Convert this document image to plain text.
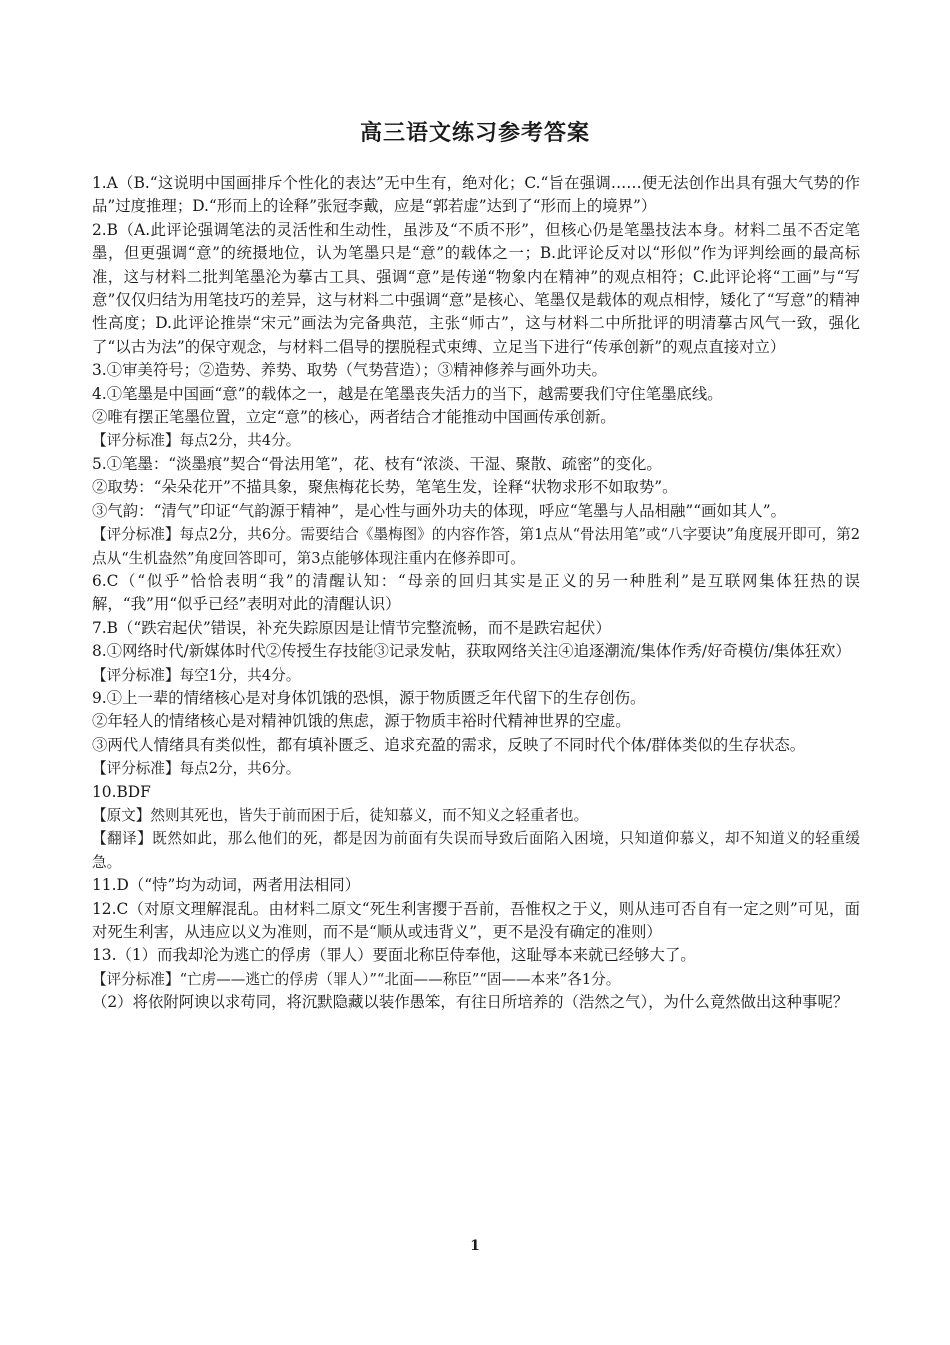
高三语文练习参考答案

1.A（B.“这说明中国画排斥个性化的表达”无中生有，绝对化；C.“旨在强调……便无法创作出具有强大气势的作品”过度推理；D.“形而上的诠释”张冠李戴，应是“郭若虚”达到了“形而上的境界”）

2.B（A.此评论强调笔法的灵活性和生动性，虽涉及“不质不形”，但核心仍是笔墨技法本身。材料二虽不否定笔墨，但更强调“意”的统摄地位，认为笔墨只是“意”的载体之一；B.此评论反对以“形似”作为评判绘画的最高标准，这与材料二批判笔墨沦为摹古工具、强调“意”是传递“物象内在精神”的观点相符；C.此评论将“工画”与“写意”仅仅归结为用笔技巧的差异，这与材料二中强调“意”是核心、笔墨仅是载体的观点相悖，矮化了“写意”的精神性高度；D.此评论推崇“宋元”画法为完备典范，主张“师古”，这与材料二中所批评的明清摹古风气一致，强化了“以古为法”的保守观念，与材料二倡导的摆脱程式束缚、立足当下进行“传承创新”的观点直接对立）

3.①审美符号；②造势、养势、取势（气势营造）；③精神修养与画外功夫。

4.①笔墨是中国画“意”的载体之一，越是在笔墨丧失活力的当下，越需要我们守住笔墨底线。

②唯有摆正笔墨位置，立定“意”的核心，两者结合才能推动中国画传承创新。

【评分标准】每点2分，共4分。

5.①笔墨：“淡墨痕”契合“骨法用笔”，花、枝有“浓淡、干湿、聚散、疏密”的变化。

②取势：“朵朵花开”不描具象，聚焦梅花长势，笔笔生发，诠释“状物求形不如取势”。

③气韵：“清气”印证“气韵源于精神”，是心性与画外功夫的体现，呼应“笔墨与人品相融”“画如其人”。

【评分标准】每点2分，共6分。需要结合《墨梅图》的内容作答，第1点从“骨法用笔”或“八字要诀”角度展开即可，第2点从“生机盎然”角度回答即可，第3点能够体现注重内在修养即可。

6.C（“似乎”恰恰表明“我”的清醒认知：“母亲的回归其实是正义的另一种胜利”是互联网集体狂热的误解，“我”用“似乎已经”表明对此的清醒认识）

7.B（“跌宕起伏”错误，补充失踪原因是让情节完整流畅，而不是跌宕起伏）

8.①网络时代/新媒体时代②传授生存技能③记录发帖，获取网络关注④追逐潮流/集体作秀/好奇模仿/集体狂欢）

【评分标准】每空1分，共4分。

9.①上一辈的情绪核心是对身体饥饿的恐惧，源于物质匮乏年代留下的生存创伤。

②年轻人的情绪核心是对精神饥饿的焦虑，源于物质丰裕时代精神世界的空虚。

③两代人情绪具有类似性，都有填补匮乏、追求充盈的需求，反映了不同时代个体/群体类似的生存状态。

【评分标准】每点2分，共6分。

10.BDF

【原文】然则其死也，皆失于前而困于后，徒知慕义，而不知义之轻重者也。

【翻译】既然如此，那么他们的死，都是因为前面有失误而导致后面陷入困境，只知道仰慕义，却不知道义的轻重缓急。

11.D（“恃”均为动词，两者用法相同）

12.C（对原文理解混乱。由材料二原文“死生利害撄于吾前，吾惟权之于义，则从违可否自有一定之则”可见，面对死生利害，从违应以义为准则，而不是“顺从或违背义”，更不是没有确定的准则）

13.（1）而我却沦为逃亡的俘虏（罪人）要面北称臣侍奉他，这耻辱本来就已经够大了。

【评分标准】“亡虏——逃亡的俘虏（罪人）”“北面——称臣”“固——本来”各1分。

（2）将依附阿谀以求苟同，将沉默隐藏以装作愚笨，有往日所培养的（浩然之气），为什么竟然做出这种事呢？

1
